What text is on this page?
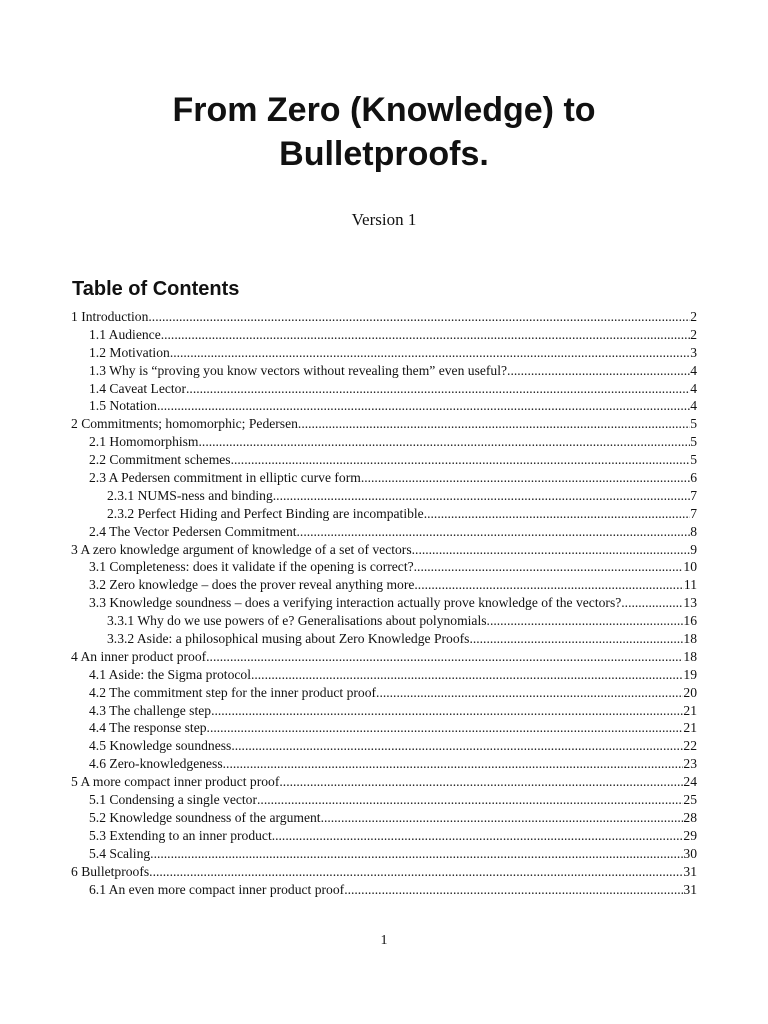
From Zero (Knowledge) to
Bulletproofs.
Version 1
Table of Contents
1 Introduction .....	2
1.1 Audience .....	2
1.2 Motivation .....	3
1.3 Why is “proving you know vectors without revealing them” even useful? .....	4
1.4 Caveat Lector .....	4
1.5 Notation .....	4
2 Commitments; homomorphic; Pedersen .....	5
2.1 Homomorphism .....	5
2.2 Commitment schemes .....	5
2.3 A Pedersen commitment in elliptic curve form .....	6
2.3.1 NUMS-ness and binding .....	7
2.3.2 Perfect Hiding and Perfect Binding are incompatible .....	7
2.4 The Vector Pedersen Commitment .....	8
3 A zero knowledge argument of knowledge of a set of vectors .....	9
3.1 Completeness: does it validate if the opening is correct? .....	10
3.2 Zero knowledge – does the prover reveal anything more .....	11
3.3 Knowledge soundness – does a verifying interaction actually prove knowledge of the vectors? .....	13
3.3.1 Why do we use powers of e? Generalisations about polynomials .....	16
3.3.2 Aside: a philosophical musing about Zero Knowledge Proofs .....	18
4 An inner product proof .....	18
4.1 Aside: the Sigma protocol .....	19
4.2 The commitment step for the inner product proof .....	20
4.3 The challenge step .....	21
4.4 The response step .....	21
4.5 Knowledge soundness .....	22
4.6 Zero-knowledgeness .....	23
5 A more compact inner product proof .....	24
5.1 Condensing a single vector .....	25
5.2 Knowledge soundness of the argument .....	28
5.3 Extending to an inner product .....	29
5.4 Scaling .....	30
6 Bulletproofs .....	31
6.1 An even more compact inner product proof .....	31
1
